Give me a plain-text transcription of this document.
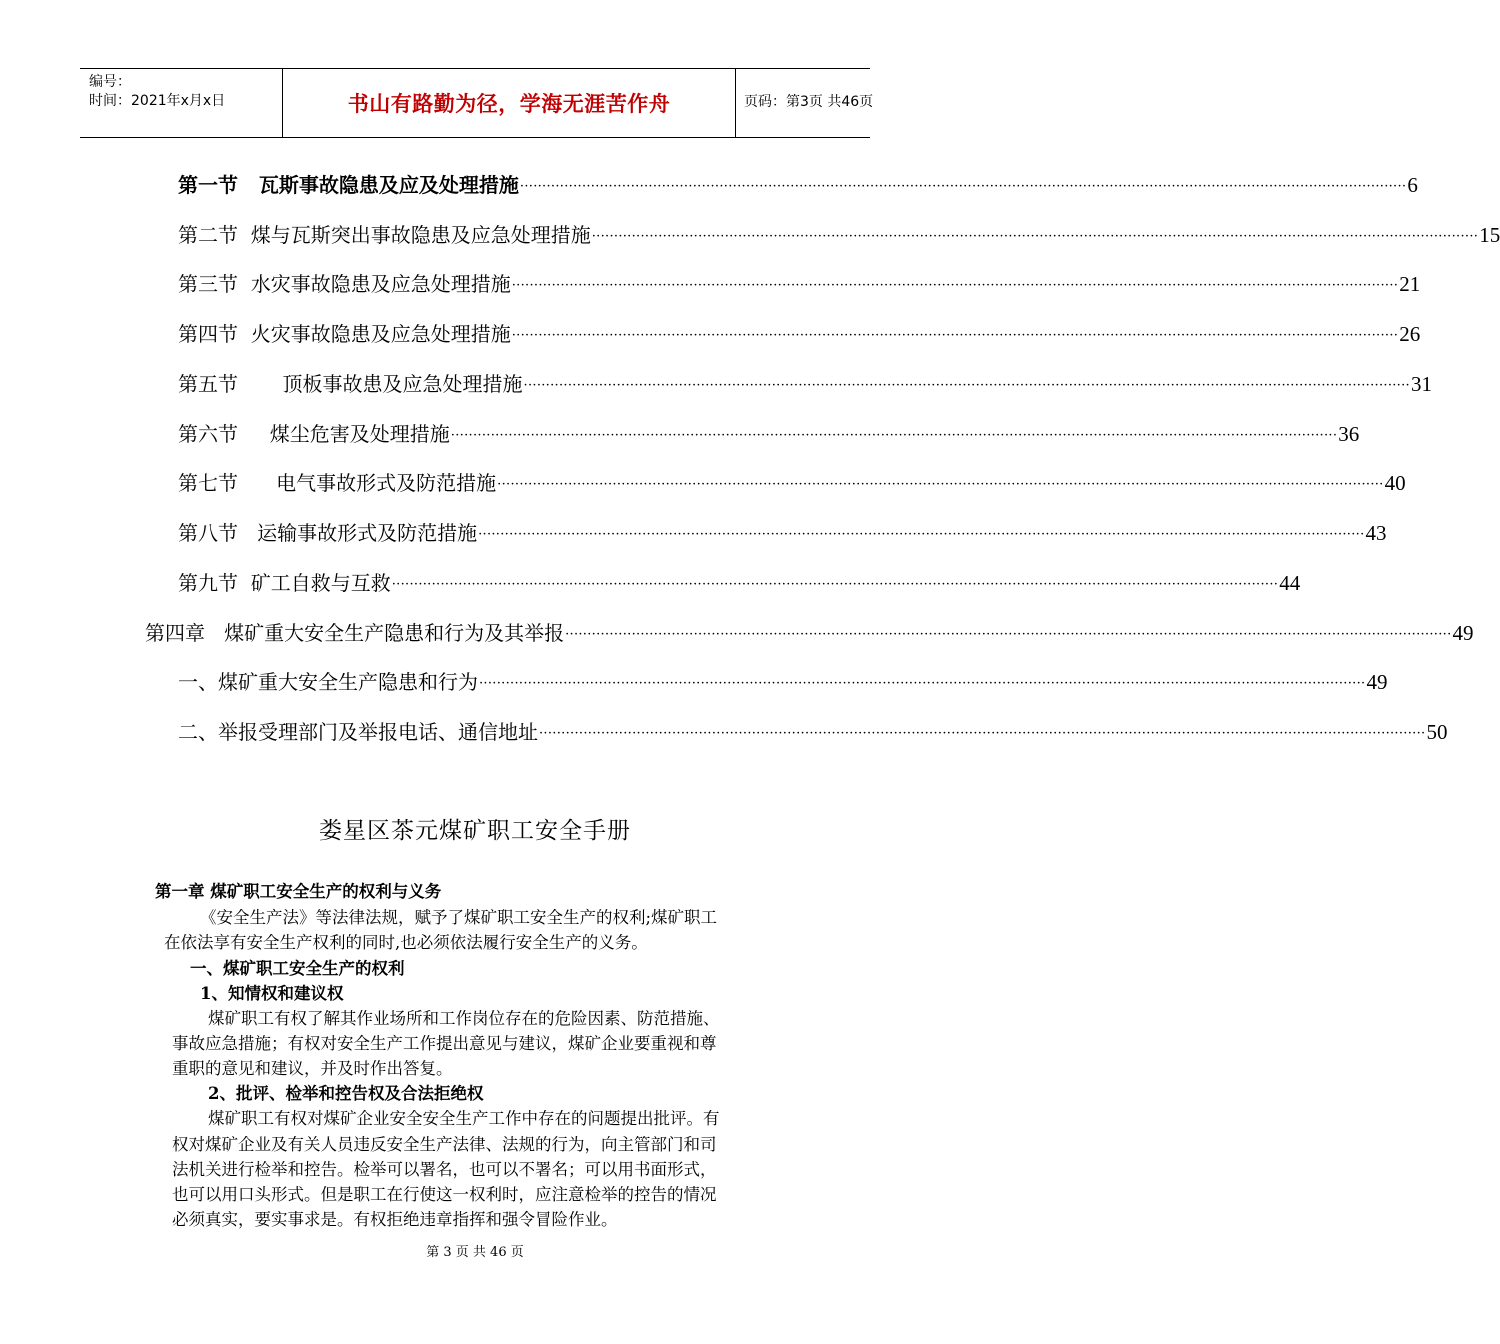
编号：
时间：2021年x月x日	书山有路勤为径，学海无涯苦作舟	页码：第3页 共46页
第一节   瓦斯事故隐患及应及处理措施 ········································································································································································································ 6
第二节  煤与瓦斯突出事故隐患及应急处理措施 ········································································································································································································ 15
第三节  水灾事故隐患及应急处理措施 ········································································································································································································ 21
第四节  火灾事故隐患及应急处理措施 ········································································································································································································ 26
第五节       顶板事故患及应急处理措施 ········································································································································································································ 31
第六节     煤尘危害及处理措施 ········································································································································································································ 36
第七节      电气事故形式及防范措施 ········································································································································································································ 40
第八节   运输事故形式及防范措施 ········································································································································································································ 43
第九节  矿工自救与互救 ········································································································································································································ 44
第四章   煤矿重大安全生产隐患和行为及其举报 ········································································································································································································ 49
一、煤矿重大安全生产隐患和行为 ········································································································································································································ 49
二、举报受理部门及举报电话、通信地址 ········································································································································································································ 50
娄星区茶元煤矿职工安全手册
第一章 煤矿职工安全生产的权利与义务
《安全生产法》等法律法规，赋予了煤矿职工安全生产的权利;煤矿职工
在依法享有安全生产权利的同时,也必须依法履行安全生产的义务。
一、煤矿职工安全生产的权利
1、知情权和建议权
煤矿职工有权了解其作业场所和工作岗位存在的危险因素、防范措施、
事故应急措施；有权对安全生产工作提出意见与建议，煤矿企业要重视和尊
重职的意见和建议，并及时作出答复。
2、批评、检举和控告权及合法拒绝权
煤矿职工有权对煤矿企业安全安全生产工作中存在的问题提出批评。有
权对煤矿企业及有关人员违反安全生产法律、法规的行为，向主管部门和司
法机关进行检举和控告。检举可以署名，也可以不署名；可以用书面形式，
也可以用口头形式。但是职工在行使这一权利时，应注意检举的控告的情况
必须真实，要实事求是。有权拒绝违章指挥和强令冒险作业。
第 3 页 共 46 页
